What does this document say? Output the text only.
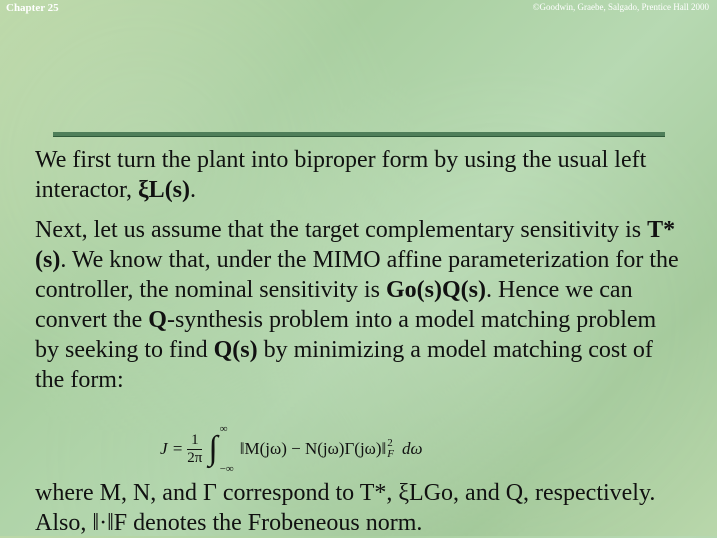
Chapter 25	©Goodwin, Graebe, Salgado, Prentice Hall 2000
We first turn the plant into biproper form by using the usual left interactor, ξL(s).
Next, let us assume that the target complementary sensitivity is T*(s). We know that, under the MIMO affine parameterization for the controller, the nominal sensitivity is Go(s)Q(s). Hence we can convert the Q-synthesis problem into a model matching problem by seeking to find Q(s) by minimizing a model matching cost of the form:
$J = \frac{1}{2\pi}$ ∫
∞
−∞
‖M(jω) − N(jω)Γ(jω)‖ 2
F dω
where M, N, and Γ correspond to T*, ξLGo, and Q, respectively. Also, ‖·‖F denotes the Frobeneous norm.
